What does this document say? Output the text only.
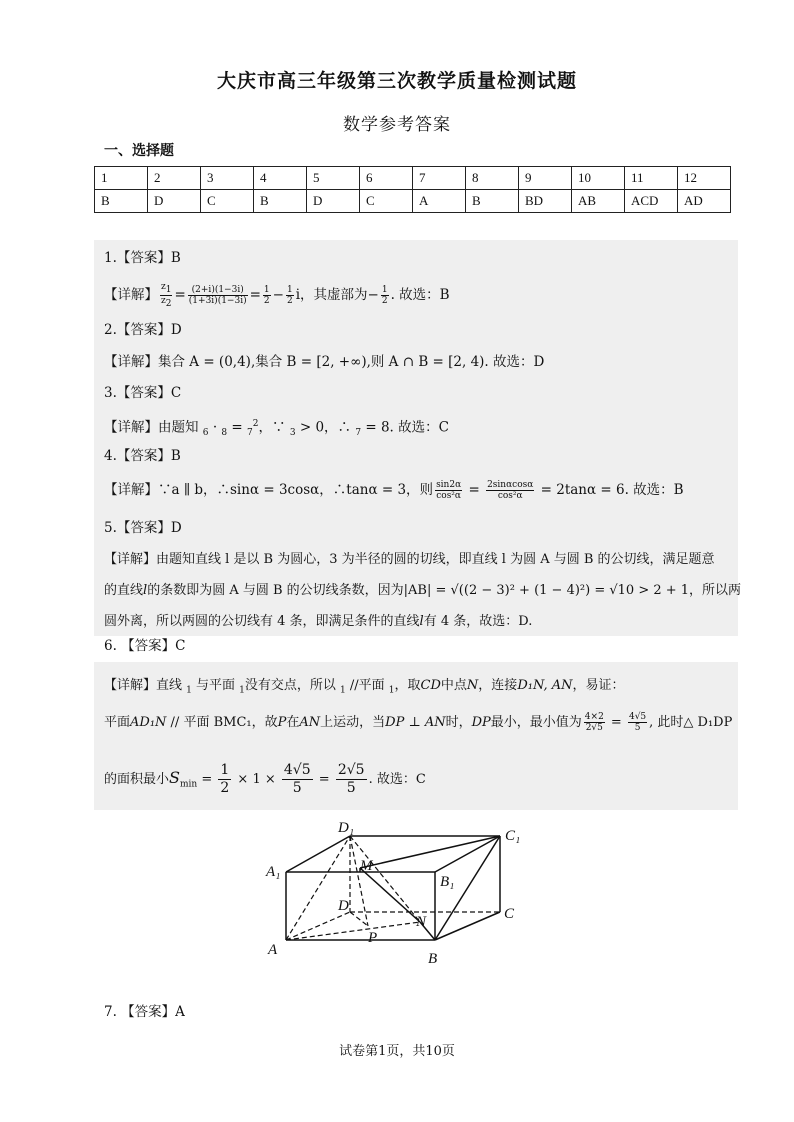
大庆市高三年级第三次教学质量检测试题
数学参考答案
一、选择题
1	2	3	4	5	6	7	8	9	10	11	12
B	D	C	B	D	C	A	B	BD	AB	ACD	AD
1.【答案】B
【详解】 $\frac{z1}{z2} = \frac{(2+i)(1-3i)}{(1+3i)(1-3i)} = \frac{1}{2} - \frac{1}{2}$ i，其虚部为− $\frac{1}{2}$ . 故选：B
2.【答案】D
【详解】集合 A = (0,4),集合 B = [2, +∞),则 A ∩ B = [2, 4). 故选：D
3.【答案】C
【详解】由题知 $_6$ · $_8$ = $_7^2$，∵ $_3$ > 0，∴ $_7$ = 8. 故选：C
4.【答案】B
【详解】∵a ∥ b，∴sinα = 3cosα，∴tanα = 3，则 $\frac{\sin 2\alpha}{\text{cos²α}} = \frac{2\sin\alpha\cos\alpha}{\text{cos²α}} = 2\tan\alpha = 6$. 故选：B
5.【答案】D
【详解】由题知直线 l 是以 B 为圆心，3 为半径的圆的切线，即直线 l 为圆 A 与圆 B 的公切线，满足题意
的直线l的条数即为圆 A 与圆 B 的公切线条数，因为|AB| = √((2 − 3)² + (1 − 4)²) = √10 > 2 + 1，所以两
圆外离，所以两圆的公切线有 4 条，即满足条件的直线l有 4 条，故选：D.
6. 【答案】C
【详解】直线 $_1$ 与平面 $_1$没有交点，所以 $_1$ //平面 $_1$，取CD中点N，连接D₁N, AN，易证：
平面AD₁N // 平面 BMC₁，故P在AN上运动，当DP ⊥ AN时，DP最小，最小值为 $\frac{4\times 2}{2√5} = \frac{4√5}{5}$ , 此时△ D₁DP
的面积最小$S_{min} = \frac{1}{2} \times 1 \times \frac{4√5}{5} = \frac{2√5}{5}$ . 故选：C
D₁	C₁
A₁
B₁
M
D	C
N
P
A
B
7. 【答案】A
试卷第1页，共10页
